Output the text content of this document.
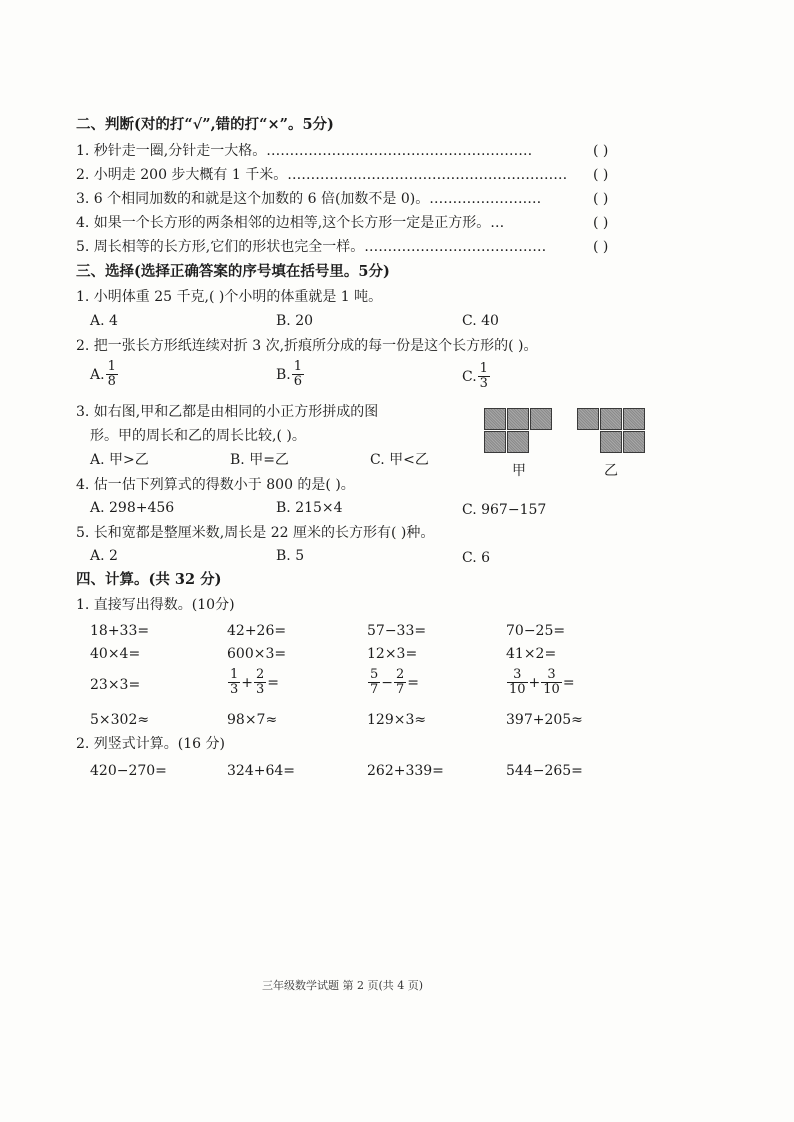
二、判断(对的打“√”,错的打“×”。5分)
1. 秒针走一圈,分针走一大格。…………………………………………………	( )
2. 小明走 200 步大概有 1 千米。…………………………………………………… ( )
3. 6 个相同加数的和就是这个加数的 6 倍(加数不是 0)。……………………	( )
4. 如果一个长方形的两条相邻的边相等,这个长方形一定是正方形。…	( )
5. 周长相等的长方形,它们的形状也完全一样。…………………………………	( )
三、选择(选择正确答案的序号填在括号里。5分)
1. 小明体重 25 千克,( )个小明的体重就是 1 吨。
A. 4	B. 20	C. 40
2. 把一张长方形纸连续对折 3 次,折痕所分成的每一份是这个长方形的( )。
A. $\frac{1}{8}$	B. $\frac{1}{6}$	C. $\frac{1}{3}$
3. 如右图,甲和乙都是由相同的小正方形拼成的图
形。甲的周长和乙的周长比较,( )。
A. 甲>乙	B. 甲=乙	C. 甲<乙
甲	乙
4. 估一估下列算式的得数小于 800 的是( )。
A. 298+456	B. 215×4	C. 967−157
5. 长和宽都是整厘米数,周长是 22 厘米的长方形有( )种。
A. 2	B. 5	C. 6
四、计算。(共 32 分)
1. 直接写出得数。(10分)
18+33=	42+26=	57−33=	70−25=
40×4=	600×3=	12×3=	41×2=
23×3=	$\frac{1}{3} + \frac{2}{3}$ =	$\frac{5}{7} - \frac{2}{7}$ =	$\frac{3}{10} + \frac{3}{10}$ =
5×302≈	98×7≈	129×3≈	397+205≈
2. 列竖式计算。(16 分)
420−270=	324+64=	262+339=	544−265=
三年级数学试题 第 2 页(共 4 页)
